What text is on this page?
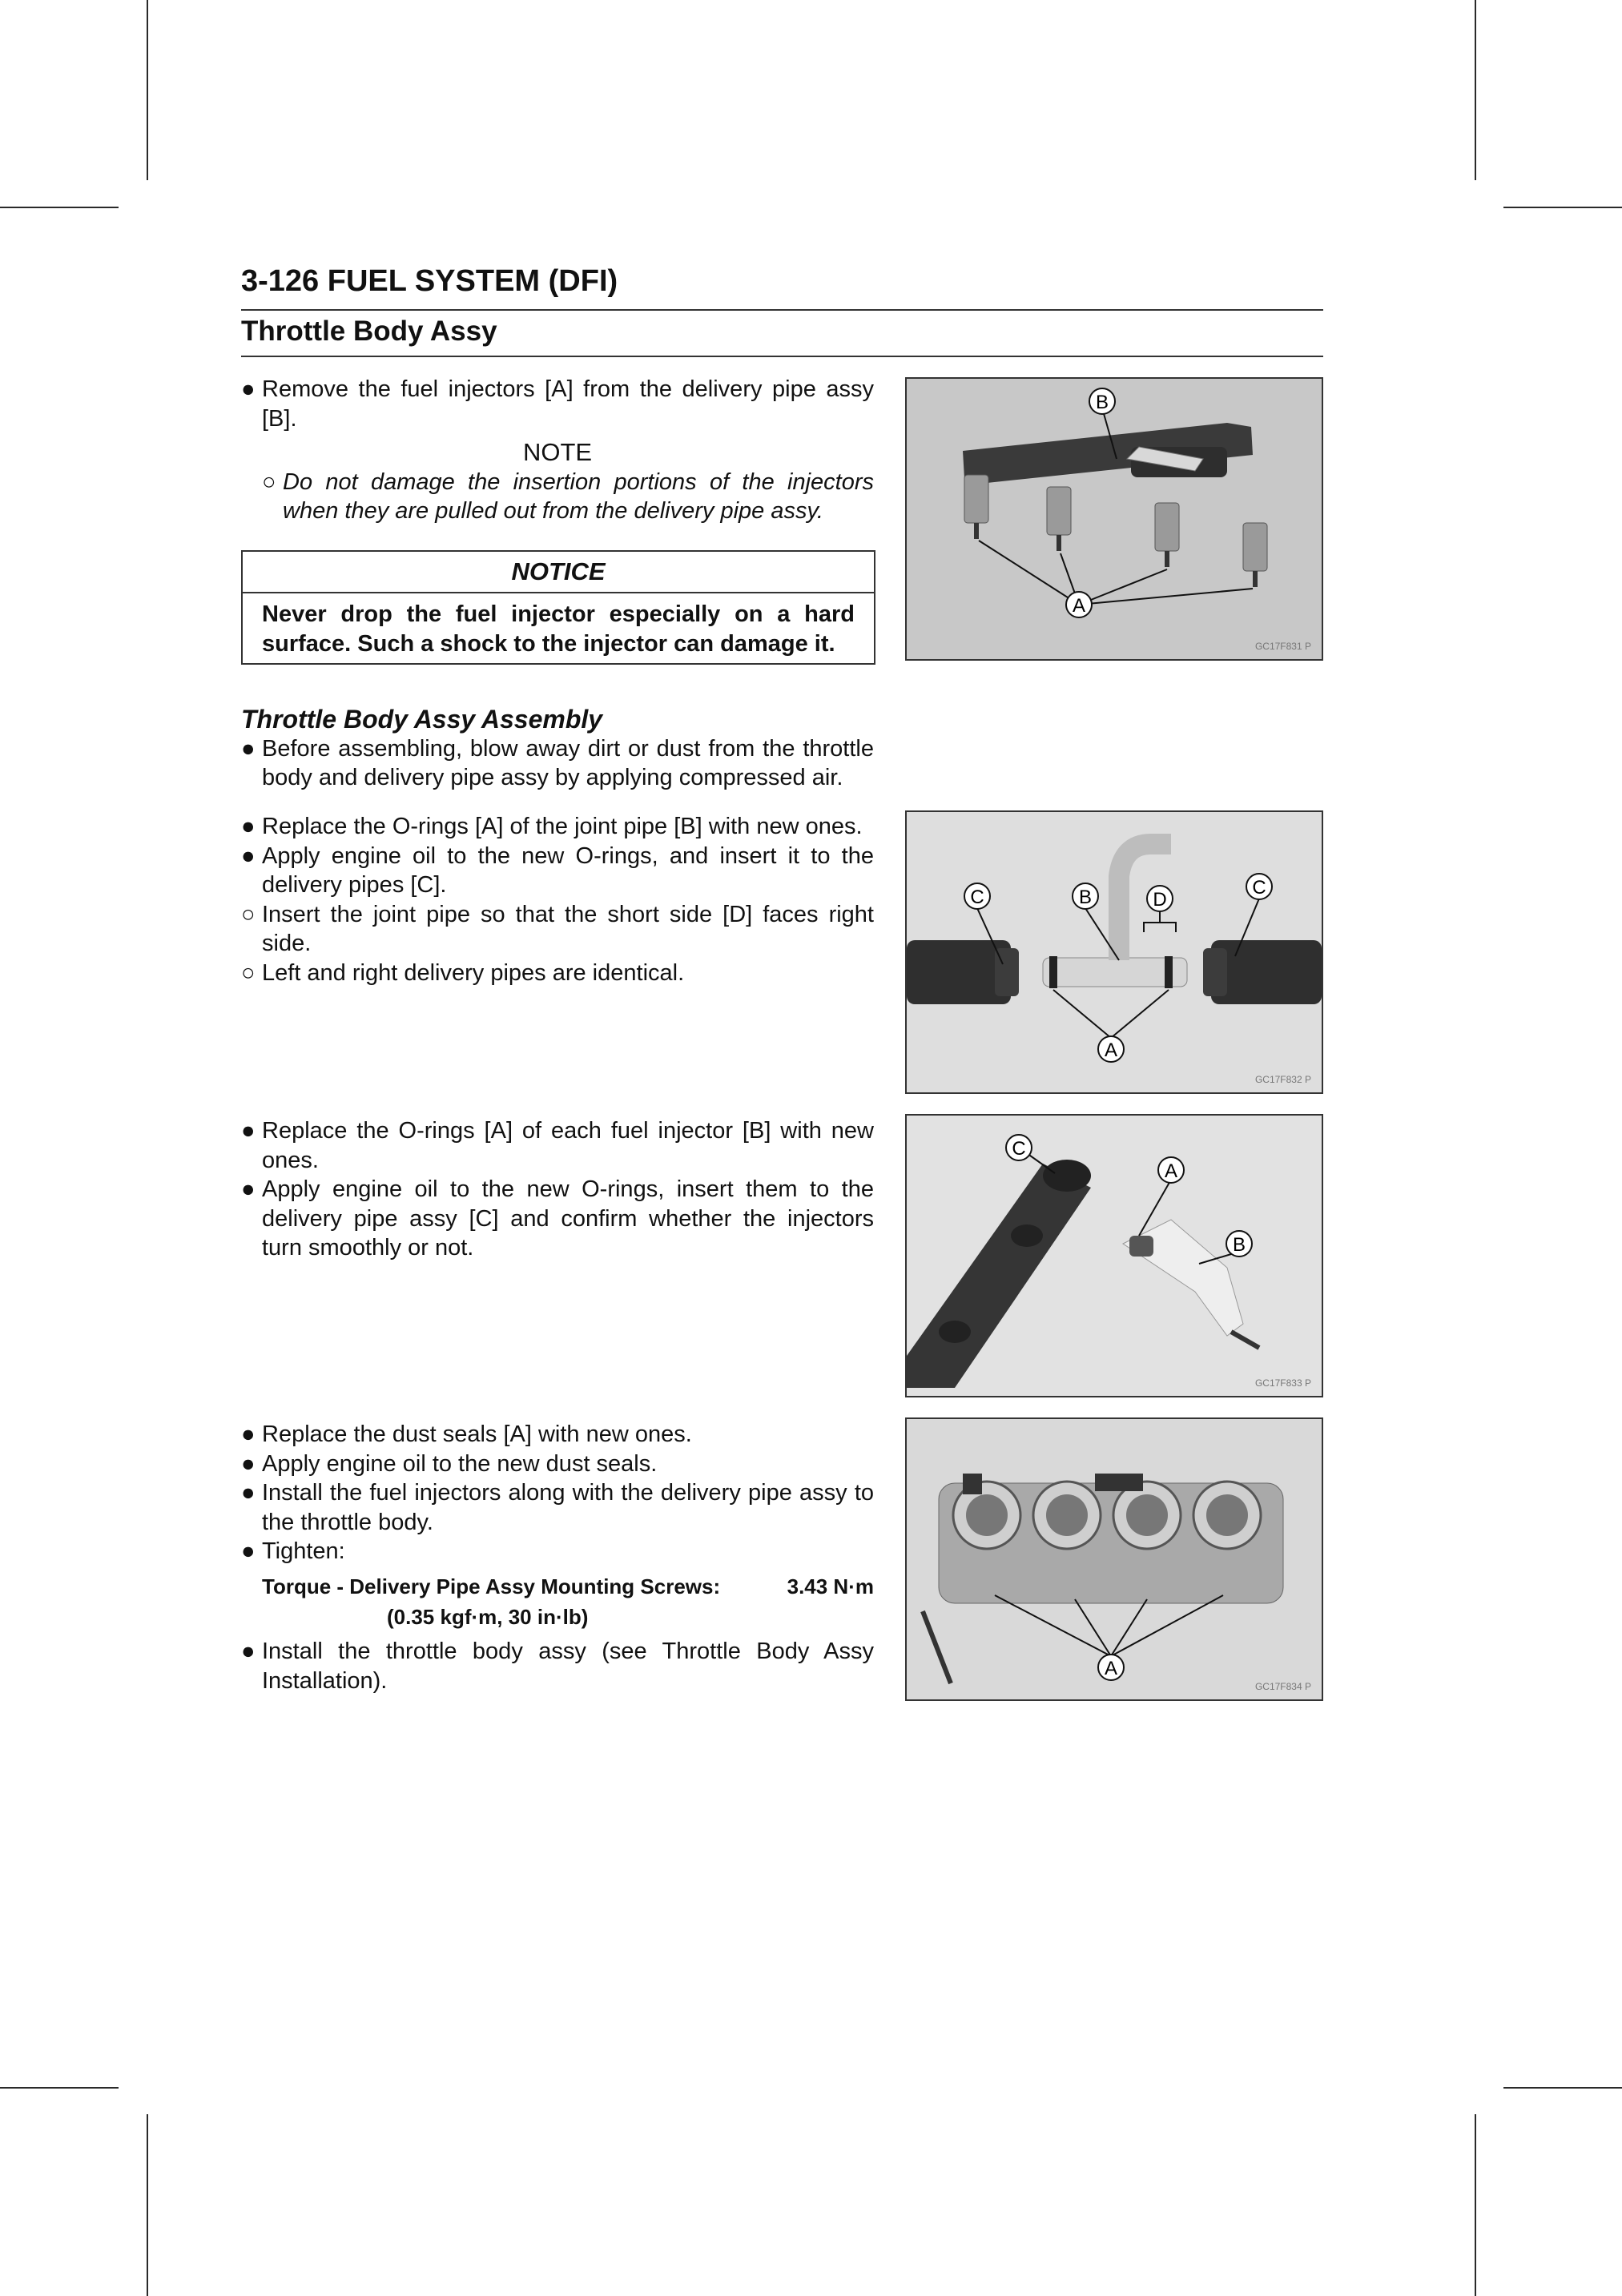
3-126 FUEL SYSTEM (DFI)
Throttle Body Assy

● Remove the fuel injectors [A] from the delivery pipe assy [B].

NOTE

○ Do not damage the insertion portions of the injectors when they are pulled out from the delivery pipe assy.

NOTICE

Never drop the fuel injector especially on a hard surface. Such a shock to the injector can damage it.

Throttle Body Assy Assembly

● Before assembling, blow away dirt or dust from the throttle body and delivery pipe assy by applying compressed air.

● Replace the O-rings [A] of the joint pipe [B] with new ones.

● Apply engine oil to the new O-rings, and insert it to the delivery pipes [C].

○ Insert the joint pipe so that the short side [D] faces right side.

○ Left and right delivery pipes are identical.

● Replace the O-rings [A] of each fuel injector [B] with new ones.

● Apply engine oil to the new O-rings, insert them to the delivery pipe assy [C] and confirm whether the injectors turn smoothly or not.

● Replace the dust seals [A] with new ones.

● Apply engine oil to the new dust seals.

● Install the fuel injectors along with the delivery pipe assy to the throttle body.

● Tighten:

Torque - Delivery Pipe Assy Mounting Screws:	3.43 N·m
(0.35 kgf·m, 30 in·lb)

● Install the throttle body assy (see Throttle Body Assy Installation).

B
A
GC17F831 P
C	B	D
C
A
GC17F832 P
C
A
B
GC17F833 P
A
GC17F834 P
